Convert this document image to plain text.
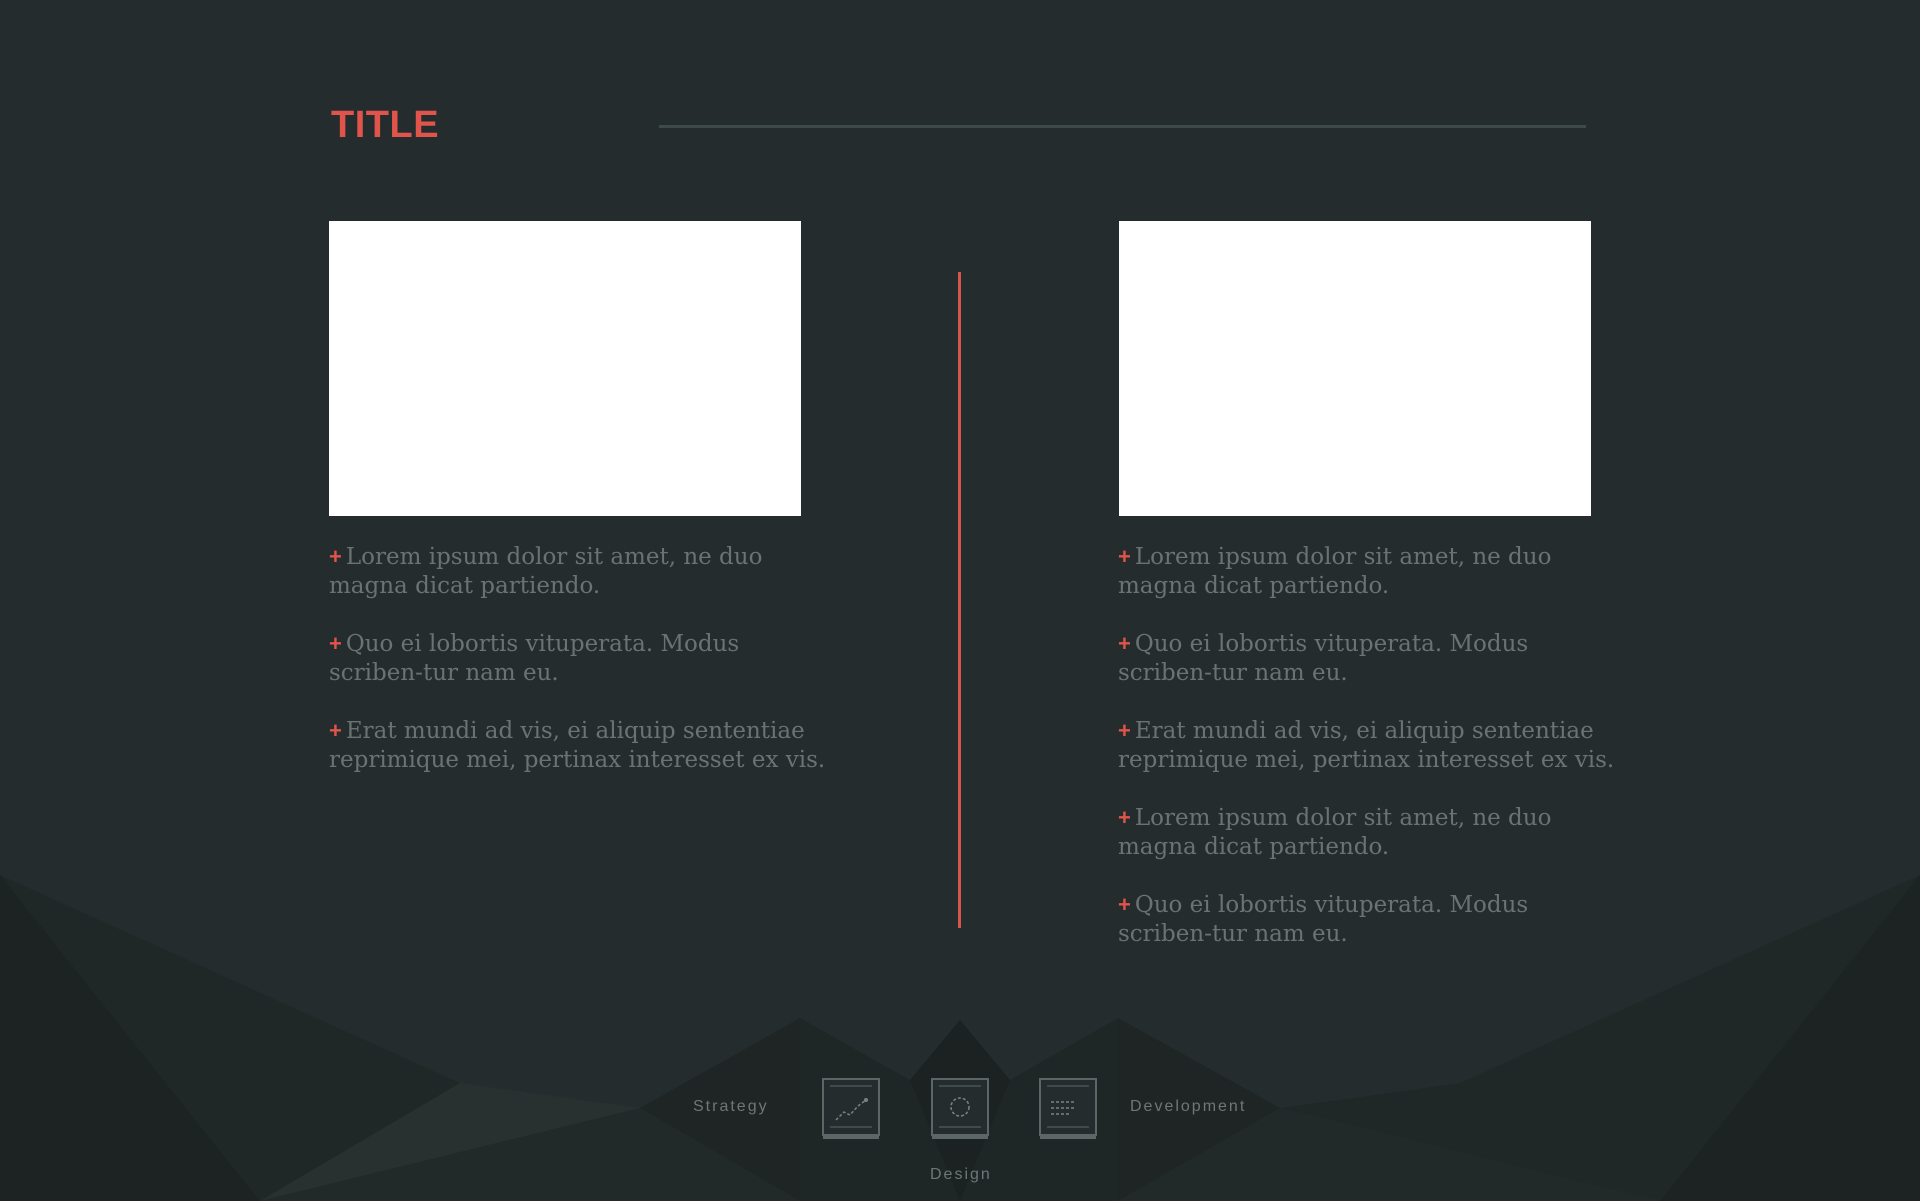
TITLE
+ Lorem ipsum dolor sit amet, ne duo magna dicat partiendo.
+ Quo ei lobortis vituperata. Modus scriben-tur nam eu.
+ Erat mundi ad vis, ei aliquip sententiae reprimique mei, pertinax interesset ex vis.
+ Lorem ipsum dolor sit amet, ne duo magna dicat partiendo.
+ Quo ei lobortis vituperata. Modus scriben-tur nam eu.
+ Erat mundi ad vis, ei aliquip sententiae reprimique mei, pertinax interesset ex vis.
+ Lorem ipsum dolor sit amet, ne duo magna dicat partiendo.
+ Quo ei lobortis vituperata. Modus scriben-tur nam eu.
Strategy	Development
Design
